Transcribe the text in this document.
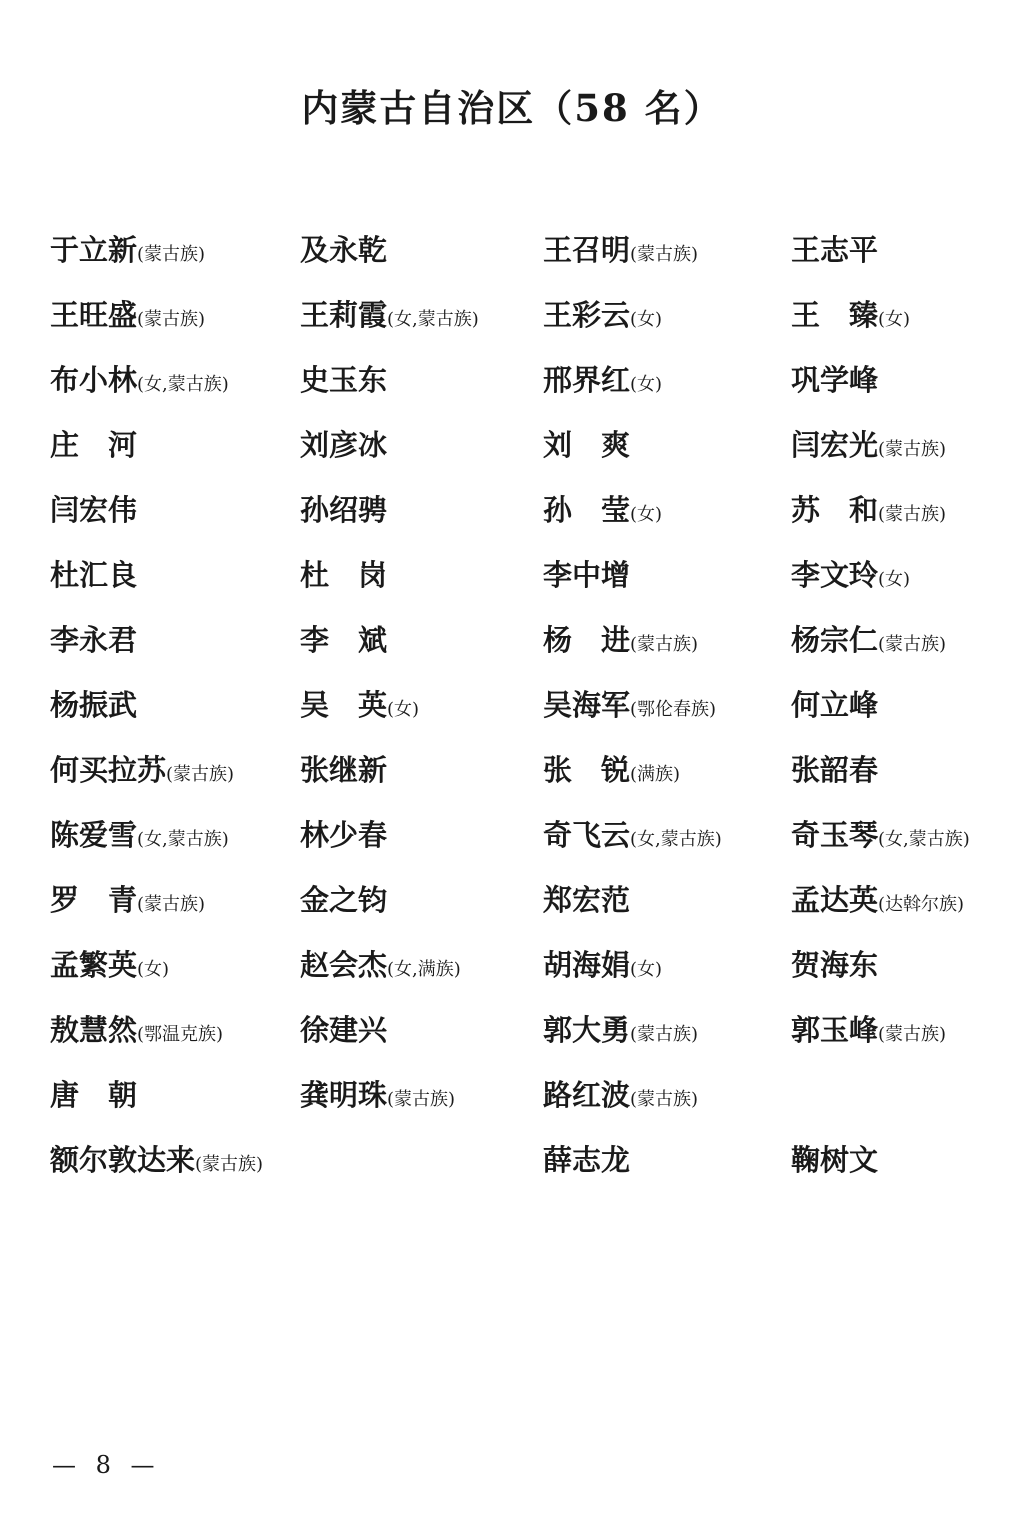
内蒙古自治区（58 名）
于立新(蒙古族)	及永乾	王召明(蒙古族)	王志平
王旺盛(蒙古族)	王莉霞(女,蒙古族)	王彩云(女)	王　臻(女)
布小林(女,蒙古族)	史玉东	邢界红(女)	巩学峰
庄　河	刘彦冰	刘　爽	闫宏光(蒙古族)
闫宏伟	孙绍骋	孙　莹(女)	苏　和(蒙古族)
杜汇良	杜　岗	李中增	李文玲(女)
李永君	李　斌	杨　进(蒙古族)	杨宗仁(蒙古族)
杨振武	吴　英(女)	吴海军(鄂伦春族)	何立峰
何买拉苏(蒙古族)	张继新	张　锐(满族)	张韶春
陈爱雪(女,蒙古族)	林少春	奇飞云(女,蒙古族)	奇玉琴(女,蒙古族)
罗　青(蒙古族)	金之钧	郑宏范	孟达英(达斡尔族)
孟繁英(女)	赵会杰(女,满族)	胡海娟(女)	贺海东
敖慧然(鄂温克族)	徐建兴	郭大勇(蒙古族)	郭玉峰(蒙古族)
唐　朝	龚明珠(蒙古族)	路红波(蒙古族)	
额尔敦达来(蒙古族)		薛志龙	鞠树文
— 8 —
